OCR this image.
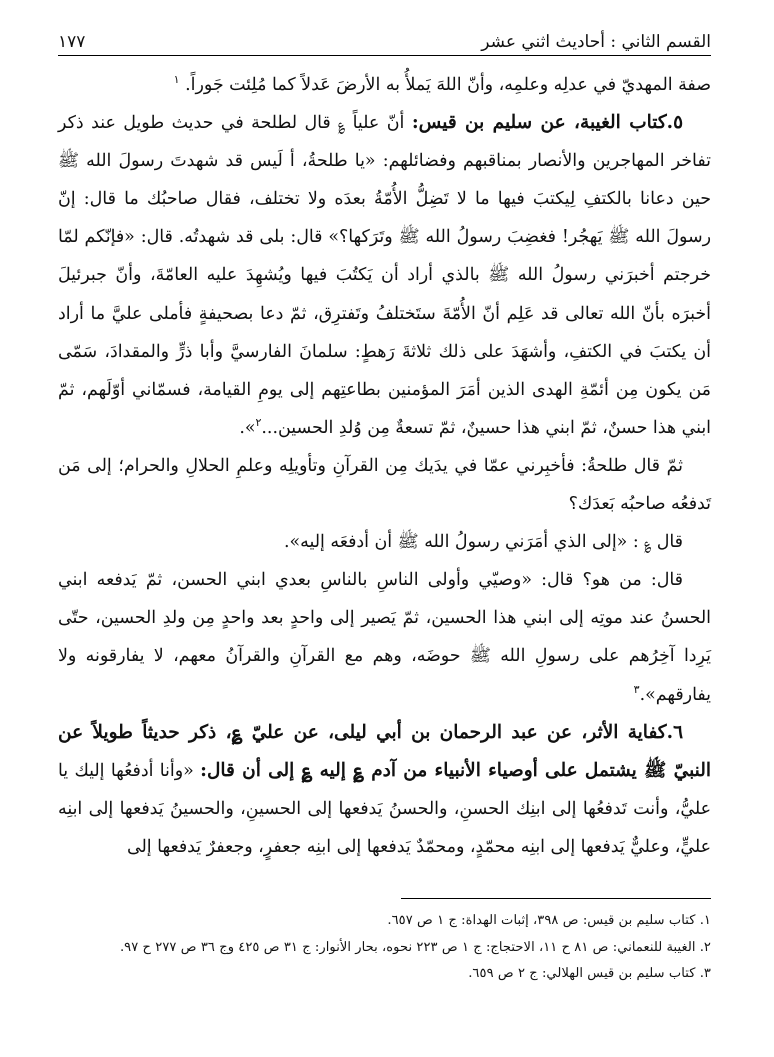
القسم الثاني : أحاديث اثني عشر
١٧٧

صفة المهديّ في عدلِه وعلمِه، وأنّ اللهَ يَملأُ به الأرضَ عَدلاً كما مُلِئت جَوراً. $^١$

٥.كتاب الغيبة، عن سليم بن قيس: أنّ علياً ؏ قال لطلحة في حديث طويل عند ذكر تفاخر المهاجرين والأنصار بمناقبهم وفضائلهم: «يا طلحةُ، أ لَيس قد شهدتَ رسولَ الله ﷺ حين دعانا بالكتفِ لِيكتبَ فيها ما لا تَضِلُّ الأُمّةُ بعدَه ولا تختلف، فقال صاحبُك ما قال: إنّ رسولَ الله ﷺ يَهجُر! فغضِبَ رسولُ الله ﷺ وتَرَكها؟» قال: بلى قد شهدتُه. قال: «فإنّكم لمّا خرجتم أخبرَني رسولُ الله ﷺ بالذي أراد أن يَكتُبَ فيها ويُشهِدَ عليه العامّةَ، وأنّ جبرئيلَ أخبرَه بأنّ الله تعالى قد عَلِم أنّ الأُمّةَ ستَختلفُ وتَفترِق، ثمّ دعا بصحيفةٍ فأملى عليَّ ما أراد أن يكتبَ في الكتفِ، وأشهَدَ على ذلك ثلاثةَ رَهطٍ: سلمانَ الفارسيَّ وأبا ذرٍّ والمقدادَ، سَمّى مَن يكون مِن أئمّةِ الهدى الذين أمَرَ المؤمنين بطاعتِهم إلى يومِ القيامة، فسمّاني أوّلَهم، ثمّ ابني هذا حسنٌ، ثمّ ابني هذا حسينٌ، ثمّ تسعةٌ مِن وُلدِ الحسين...$^٢$».

ثمّ قال طلحةُ: فأخبِرني عمّا في يدَيك مِن القرآنِ وتأويلِه وعلمِ الحلالِ والحرام؛ إلى مَن تَدفعُه صاحبُه بَعدَك؟

قال ؏ : «إلى الذي أمَرَني رسولُ الله ﷺ أن أدفعَه إليه».

قال: من هو؟ قال: «وصيّي وأولى الناسِ بالناسِ بعدي ابني الحسن، ثمّ يَدفعه ابني الحسنُ عند موتِه إلى ابني هذا الحسين، ثمّ يَصير إلى واحدٍ بعد واحدٍ مِن ولدِ الحسين، حتّى يَرِدا آخِرُهم على رسولِ الله ﷺ حوضَه، وهم مع القرآنِ والقرآنُ معهم، لا يفارقونه ولا يفارقهم».$^٣$

٦.كفاية الأثر، عن عبد الرحمان بن أبي ليلى، عن عليّ ؏، ذكر حديثاً طويلاً عن النبيّ ﷺ يشتمل على أوصياء الأنبياء من آدم ؏ إليه ؏ إلى أن قال: «وأنا أدفعُها إليك يا عليُّ، وأنت تَدفعُها إلى ابنِك الحسنِ، والحسنُ يَدفعها إلى الحسينِ، والحسينُ يَدفعها إلى ابنِه عليٍّ، وعليٌّ يَدفعها إلى ابنِه محمّدٍ، ومحمّدٌ يَدفعها إلى ابنِه جعفرٍ، وجعفرٌ يَدفعها إلى

١. كتاب سليم بن قيس: ص ٣٩٨، إثبات الهداة: ج ١ ص ٦٥٧.

٢. الغيبة للنعماني: ص ٨١ ح ١١، الاحتجاج: ج ١ ص ٢٢٣ نحوه، بحار الأنوار: ج ٣١ ص ٤٢٥ وج ٣٦ ص ٢٧٧ ح ٩٧.

٣. كتاب سليم بن قيس الهلالي: ج ٢ ص ٦٥٩.
